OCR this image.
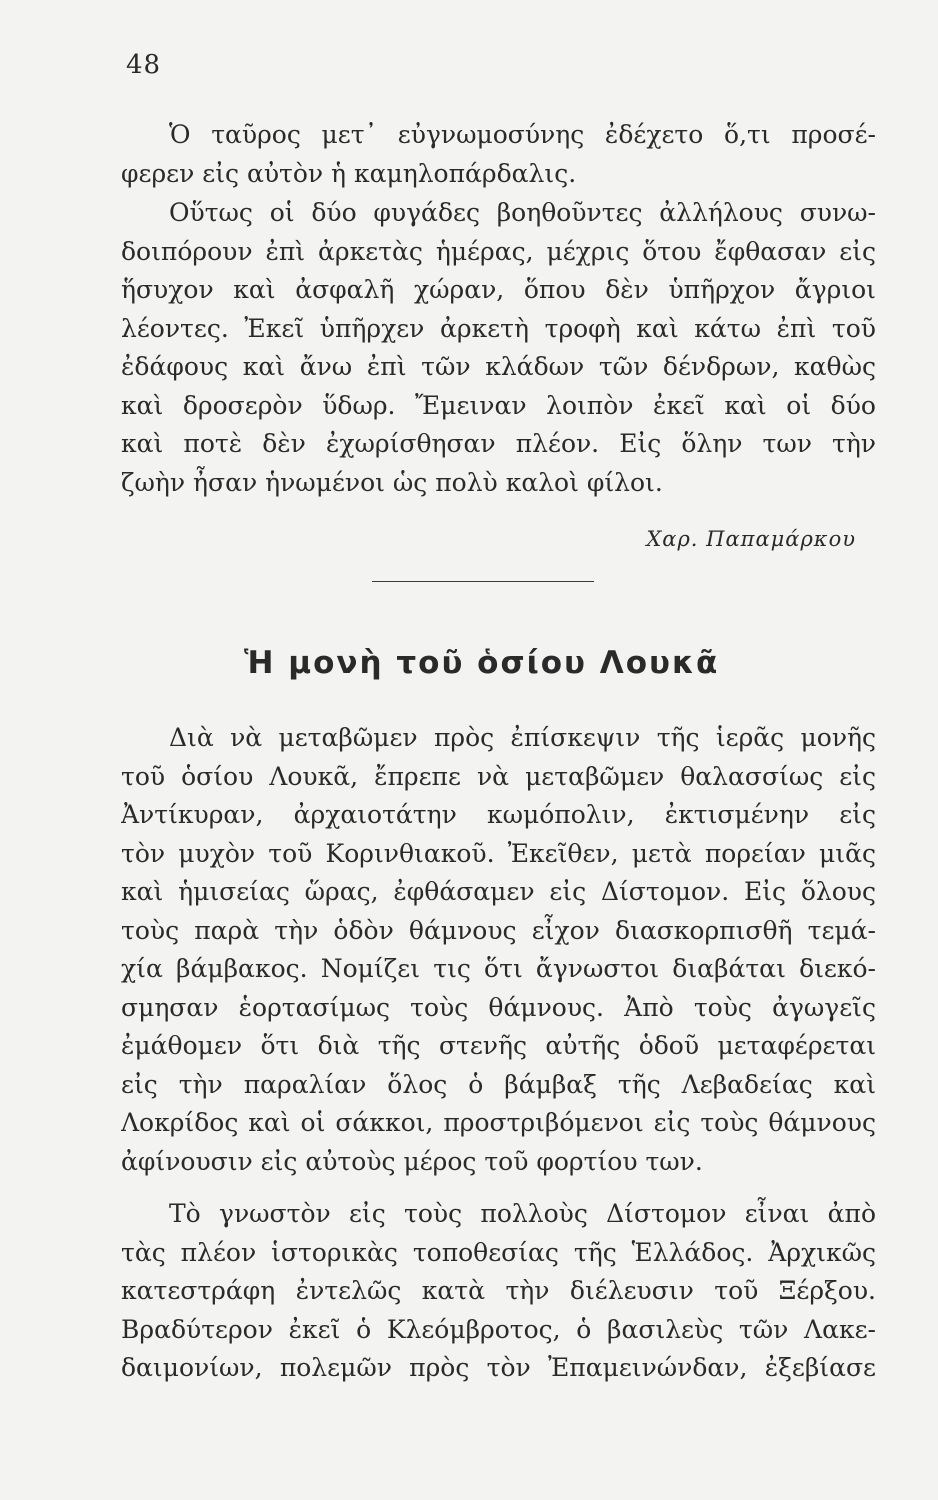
48
Ὁ ταῦρος μετ᾿ εὐγνωμοσύνης ἐδέχετο ὅ,τι προσέ-
φερεν εἰς αὐτὸν ἡ καμηλοπάρδαλις.
Οὕτως οἱ δύο φυγάδες βοηθοῦντες ἀλλήλους συνω-
δοιπόρουν ἐπὶ ἀρκετὰς ἡμέρας, μέχρις ὅτου ἔφθασαν εἰς
ἥσυχον καὶ ἀσφαλῆ χώραν, ὅπου δὲν ὑπῆρχον ἄγριοι
λέοντες. Ἐκεῖ ὑπῆρχεν ἀρκετὴ τροφὴ καὶ κάτω ἐπὶ τοῦ
ἐδάφους καὶ ἄνω ἐπὶ τῶν κλάδων τῶν δένδρων, καθὼς
καὶ δροσερὸν ὕδωρ. Ἔμειναν λοιπὸν ἐκεῖ καὶ οἱ δύο
καὶ ποτὲ δὲν ἐχωρίσθησαν πλέον. Εἰς ὅλην των τὴν
ζωὴν ἦσαν ἡνωμένοι ὡς πολὺ καλοὶ φίλοι.
Χαρ. Παπαμάρκου
Ἡ μονὴ τοῦ ὁσίου Λουκᾶ
Διὰ νὰ μεταβῶμεν πρὸς ἐπίσκεψιν τῆς ἱερᾶς μονῆς
τοῦ ὁσίου Λουκᾶ, ἔπρεπε νὰ μεταβῶμεν θαλασσίως εἰς
Ἀντίκυραν, ἀρχαιοτάτην κωμόπολιν, ἐκτισμένην εἰς
τὸν μυχὸν τοῦ Κορινθιακοῦ. Ἐκεῖθεν, μετὰ πορείαν μιᾶς
καὶ ἡμισείας ὥρας, ἐφθάσαμεν εἰς Δίστομον. Εἰς ὅλους
τοὺς παρὰ τὴν ὁδὸν θάμνους εἶχον διασκορπισθῆ τεμά-
χία βάμβακος. Νομίζει τις ὅτι ἄγνωστοι διαβάται διεκό-
σμησαν ἑορτασίμως τοὺς θάμνους. Ἀπὸ τοὺς ἀγωγεῖς
ἐμάθομεν ὅτι διὰ τῆς στενῆς αὐτῆς ὁδοῦ μεταφέρεται
εἰς τὴν παραλίαν ὅλος ὁ βάμβαξ τῆς Λεβαδείας καὶ
Λοκρίδος καὶ οἱ σάκκοι, προστριβόμενοι εἰς τοὺς θάμνους
ἀφίνουσιν εἰς αὐτοὺς μέρος τοῦ φορτίου των.
Τὸ γνωστὸν εἰς τοὺς πολλοὺς Δίστομον εἶναι ἀπὸ
τὰς πλέον ἱστορικὰς τοποθεσίας τῆς Ἑλλάδος. Ἀρχικῶς
κατεστράφη ἐντελῶς κατὰ τὴν διέλευσιν τοῦ Ξέρξου.
Βραδύτερον ἐκεῖ ὁ Κλεόμβροτος, ὁ βασιλεὺς τῶν Λακε-
δαιμονίων, πολεμῶν πρὸς τὸν Ἐπαμεινώνδαν, ἐξεβίασε
